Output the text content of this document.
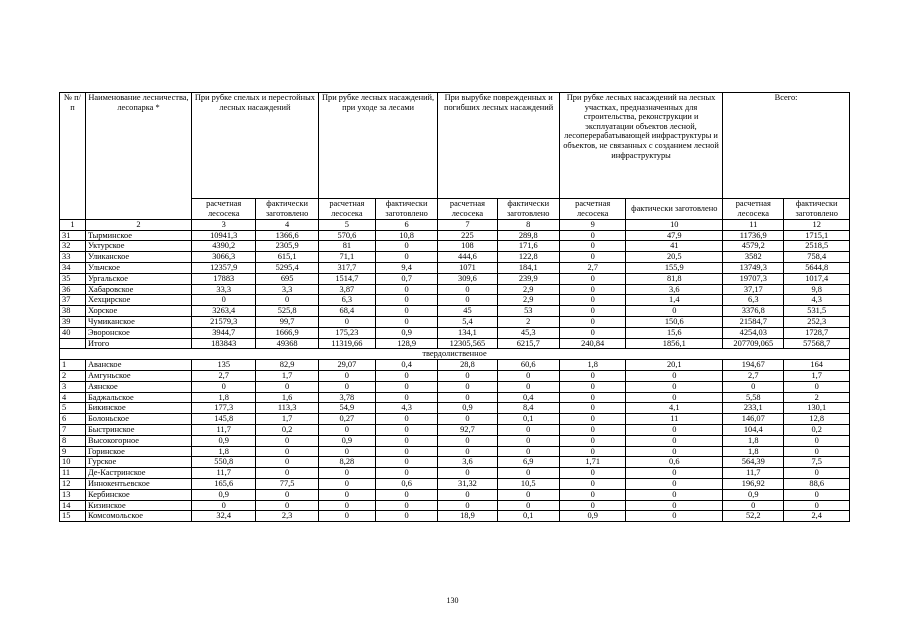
№ п/п	Наименование лесничества, лесопарка *	При рубке спелых и перестойных лесных насаждений		При рубке лесных насаждений, при уходе за лесами		При вырубке поврежденных и погибших лесных насаждений		При рубке лесных насаждений на лесных участках, предназначенных для строительства, реконструкции и эксплуатации объектов лесной, лесоперерабатывающей инфраструктуры и объектов, не связанных с созданием лесной инфраструктуры		Всего:	
		расчетная лесосека	фактически заготовлено	расчетная лесосека	фактически заготовлено	расчетная лесосека	фактически заготовлено	расчетная лесосека	фактически заготовлено	расчетная лесосека	фактически заготовлено
1	2	3	4	5	6	7	8	9	10	11	12
31	Тырминское	10941,3	1366,6	570,6	10,8	225	289,8	0	47,9	11736,9	1715,1
32	Уктурское	4390,2	2305,9	81	0	108	171,6	0	41	4579,2	2518,5
33	Уликанское	3066,3	615,1	71,1	0	444,6	122,8	0	20,5	3582	758,4
34	Ульчское	12357,9	5295,4	317,7	9,4	1071	184,1	2,7	155,9	13749,3	5644,8
35	Ургальское	17883	695	1514,7	0,7	309,6	239,9	0	81,8	19707,3	1017,4
36	Хабаровское	33,3	3,3	3,87	0	0	2,9	0	3,6	37,17	9,8
37	Хехцирское	0	0	6,3	0	0	2,9	0	1,4	6,3	4,3
38	Хорское	3263,4	525,8	68,4	0	45	53	0	0	3376,8	531,5
39	Чумиканское	21579,3	99,7	0	0	5,4	2	0	150,6	21584,7	252,3
40	Эворонское	3944,7	1666,9	175,23	0,9	134,1	45,3	0	15,6	4254,03	1728,7
	Итого	183843	49368	11319,66	128,9	12305,565	6215,7	240,84	1856,1	207709,065	57568,7
твердолиственное											
1	Аванское	135	82,9	29,07	0,4	28,8	60,6	1,8	20,1	194,67	164
2	Амгуньское	2,7	1,7	0	0	0	0	0	0	2,7	1,7
3	Аянское	0	0	0	0	0	0	0	0	0	0
4	Баджальское	1,8	1,6	3,78	0	0	0,4	0	0	5,58	2
5	Бикинское	177,3	113,3	54,9	4,3	0,9	8,4	0	4,1	233,1	130,1
6	Болоньское	145,8	1,7	0,27	0	0	0,1	0	11	146,07	12,8
7	Быстринское	11,7	0,2	0	0	92,7	0	0	0	104,4	0,2
8	Высокогорное	0,9	0	0,9	0	0	0	0	0	1,8	0
9	Горинское	1,8	0	0	0	0	0	0	0	1,8	0
10	Гурское	550,8	0	8,28	0	3,6	6,9	1,71	0,6	564,39	7,5
11	Де-Кастринское	11,7	0	0	0	0	0	0	0	11,7	0
12	Иннокентьевское	165,6	77,5	0	0,6	31,32	10,5	0	0	196,92	88,6
13	Кербинское	0,9	0	0	0	0	0	0	0	0,9	0
14	Кизинское	0	0	0	0	0	0	0	0	0	0
15	Комсомольское	32,4	2,3	0	0	18,9	0,1	0,9	0	52,2	2,4
130
